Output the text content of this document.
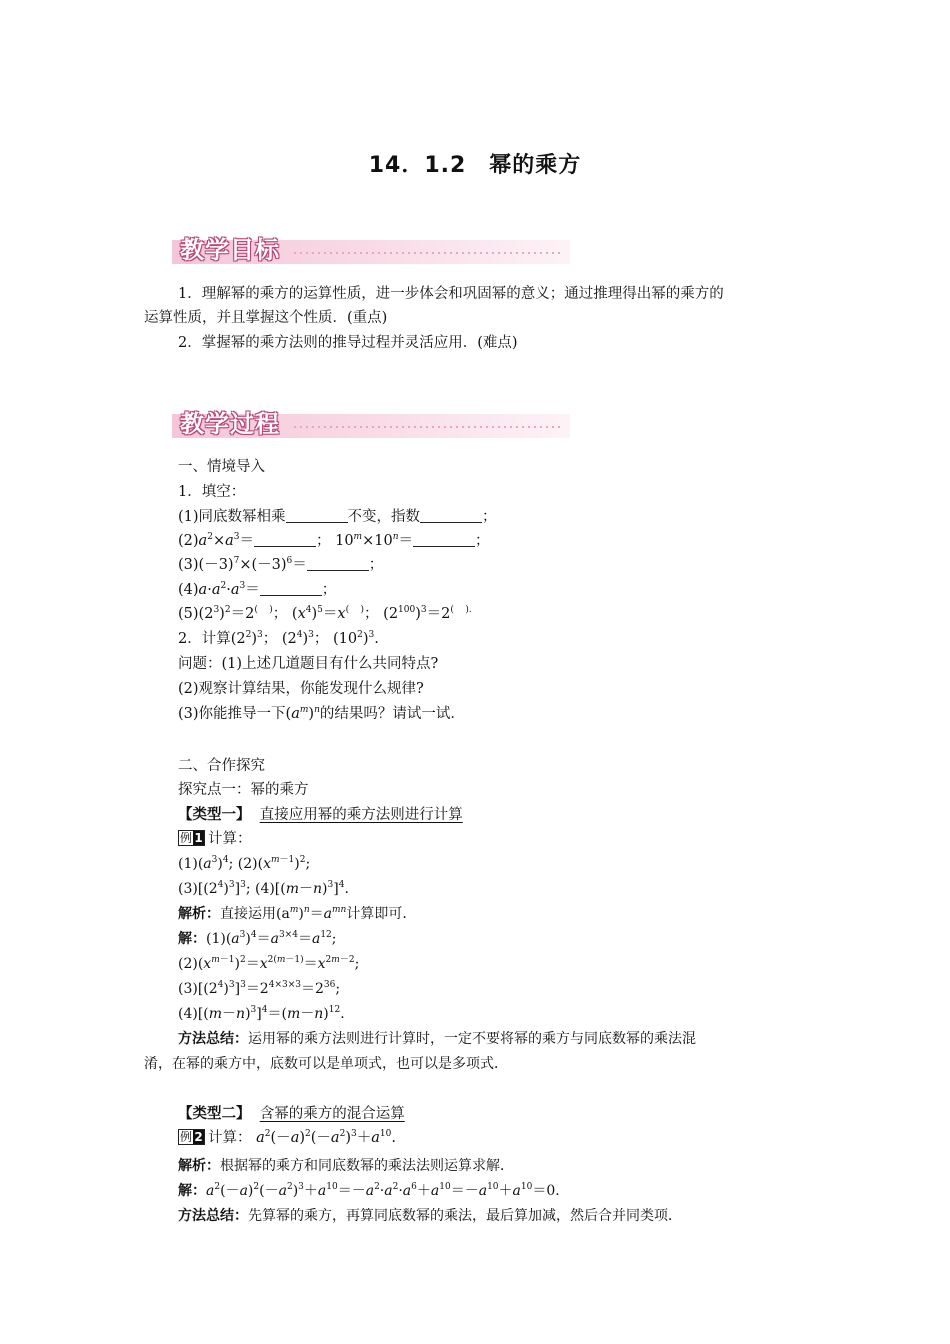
14．1.2　幂的乘方
教学目标
1．理解幂的乘方的运算性质，进一步体会和巩固幂的意义；通过推理得出幂的乘方的
运算性质，并且掌握这个性质．(重点)
2．掌握幂的乘方法则的推导过程并灵活应用．(难点)
教学过程
一、情境导入
1．填空：
(1)同底数幂相乘	不变，指数	；
$(2)a^2\times a^3=$	； $10^m\times 10^n=$	；
$(3)(-3)^7\times(-3)^6=$	；
$(4)a\cdot a^2\cdot a^3=$	；
$(5)(2^3)^2=2^{( )}$； $(x^4)^5=x^{( )}$； $(2^{100})^3=2^{( ).}$
2．计算$(2^2)^3$； $(2^4)^3$； $(10^2)^3$.
问题：(1)上述几道题目有什么共同特点?
(2)观察计算结果，你能发现什么规律?
(3)你能推导一下$(a^m)^n$的结果吗？请试一试．
二、合作探究
探究点一：幂的乘方
【类型一】 直接应用幂的乘方法则进行计算
例 1 计算：
$(1)(a^3)^4$; $(2)(x^{m-1})^2$;
$(3)[(2^4)^3]^3$; $(4)[(m-n)^3]^4$.
解析：直接运用$(a^m)^n=a^{mn}$计算即可．
解：$(1)(a^3)^4=a^{3\times 4}=a^{12}$;
$(2)(x^{m-1})^2=x^{2(m-1)}=x^{2m-2}$;
$(3)[(2^4)^3]^3=2^{4\times 3\times 3}=2^{36}$;
$(4)[(m-n)^3]^4=(m-n)^{12}$.
方法总结：运用幂的乘方法则进行计算时，一定不要将幂的乘方与同底数幂的乘法混
淆，在幂的乘方中，底数可以是单项式，也可以是多项式．
【类型二】 含幂的乘方的混合运算
例 2 计算： $a^2(-a)^2(-a^2)^3+a^{10}$.
解析：根据幂的乘方和同底数幂的乘法法则运算求解．
解：$a^2(-a)^2(-a^2)^3+a^{10}=-a^2\cdot a^2\cdot a^6+a^{10}=-a^{10}+a^{10}=0$.
方法总结：先算幂的乘方，再算同底数幂的乘法，最后算加减，然后合并同类项．
